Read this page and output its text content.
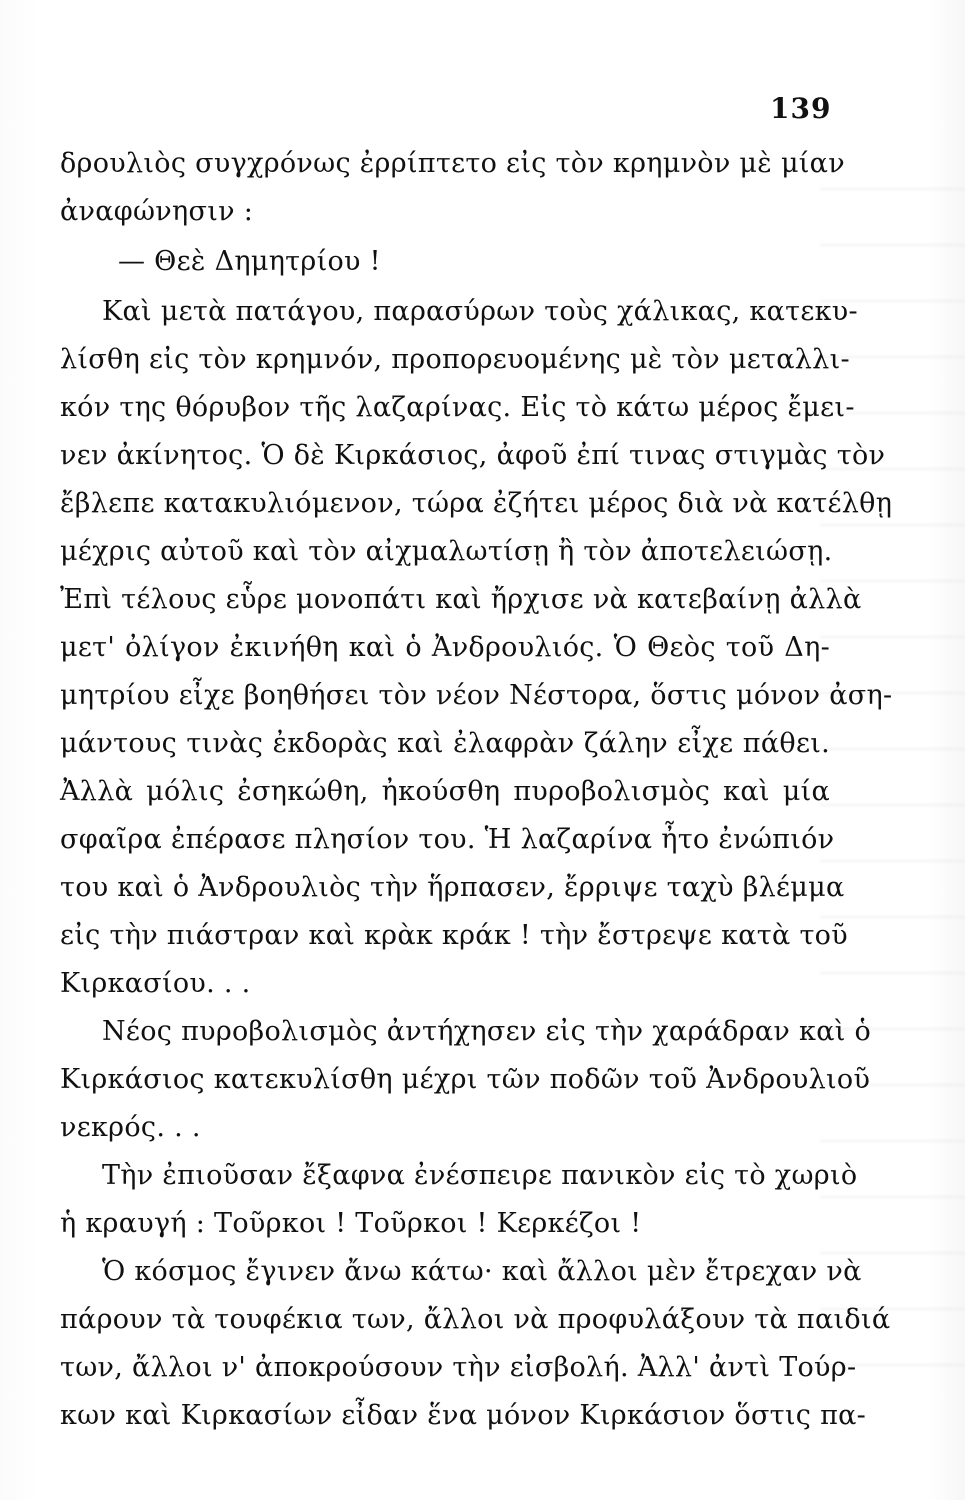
139
δρουλιὸς συγχρόνως ἐρρίπτετο εἰς τὸν κρημνὸν μὲ μίαν
ἀναφώνησιν :
— Θεὲ Δημητρίου !
Καὶ μετὰ πατάγου, παρασύρων τοὺς χάλικας, κατεκυ-
λίσθη εἰς τὸν κρημνόν, προπορευομένης μὲ τὸν μεταλλι-
κόν της θόρυβον τῆς λαζαρίνας. Εἰς τὸ κάτω μέρος ἔμει-
νεν ἀκίνητος. Ὁ δὲ Κιρκάσιος, ἀφοῦ ἐπί τινας στιγμὰς τὸν
ἔβλεπε κατακυλιόμενον, τώρα ἐζήτει μέρος διὰ νὰ κατέλθῃ
μέχρις αὐτοῦ καὶ τὸν αἰχμαλωτίσῃ ἢ τὸν ἀποτελειώσῃ.
Ἐπὶ τέλους εὗρε μονοπάτι καὶ ἤρχισε νὰ κατεβαίνῃ ἀλλὰ
μετ' ὀλίγον ἐκινήθη καὶ ὁ Ἀνδρουλιός. Ὁ Θεὸς τοῦ Δη-
μητρίου εἶχε βοηθήσει τὸν νέον Νέστορα, ὅστις μόνον ἀση-
μάντους τινὰς ἐκδορὰς καὶ ἐλαφρὰν ζάλην εἶχε πάθει.
Ἀλλὰ μόλις ἐσηκώθη, ἠκούσθη πυροβολισμὸς καὶ μία
σφαῖρα ἐπέρασε πλησίον του. Ἡ λαζαρίνα ἦτο ἐνώπιόν
του καὶ ὁ Ἀνδρουλιὸς τὴν ἥρπασεν, ἔρριψε ταχὺ βλέμμα
εἰς τὴν πιάστραν καὶ κρὰκ κράκ ! τὴν ἔστρεψε κατὰ τοῦ
Κιρκασίου. . .
Νέος πυροβολισμὸς ἀντήχησεν εἰς τὴν χαράδραν καὶ ὁ
Κιρκάσιος κατεκυλίσθη μέχρι τῶν ποδῶν τοῦ Ἀνδρουλιοῦ
νεκρός. . .
Τὴν ἐπιοῦσαν ἔξαφνα ἐνέσπειρε πανικὸν εἰς τὸ χωριὸ
ἡ κραυγή : Τοῦρκοι ! Τοῦρκοι ! Κερκέζοι !
Ὁ κόσμος ἔγινεν ἄνω κάτω· καὶ ἄλλοι μὲν ἔτρεχαν νὰ
πάρουν τὰ τουφέκια των, ἄλλοι νὰ προφυλάξουν τὰ παιδιά
των, ἄλλοι ν' ἀποκρούσουν τὴν εἰσβολή. Ἀλλ' ἀντὶ Τούρ-
κων καὶ Κιρκασίων εἶδαν ἕνα μόνον Κιρκάσιον ὅστις πα-
